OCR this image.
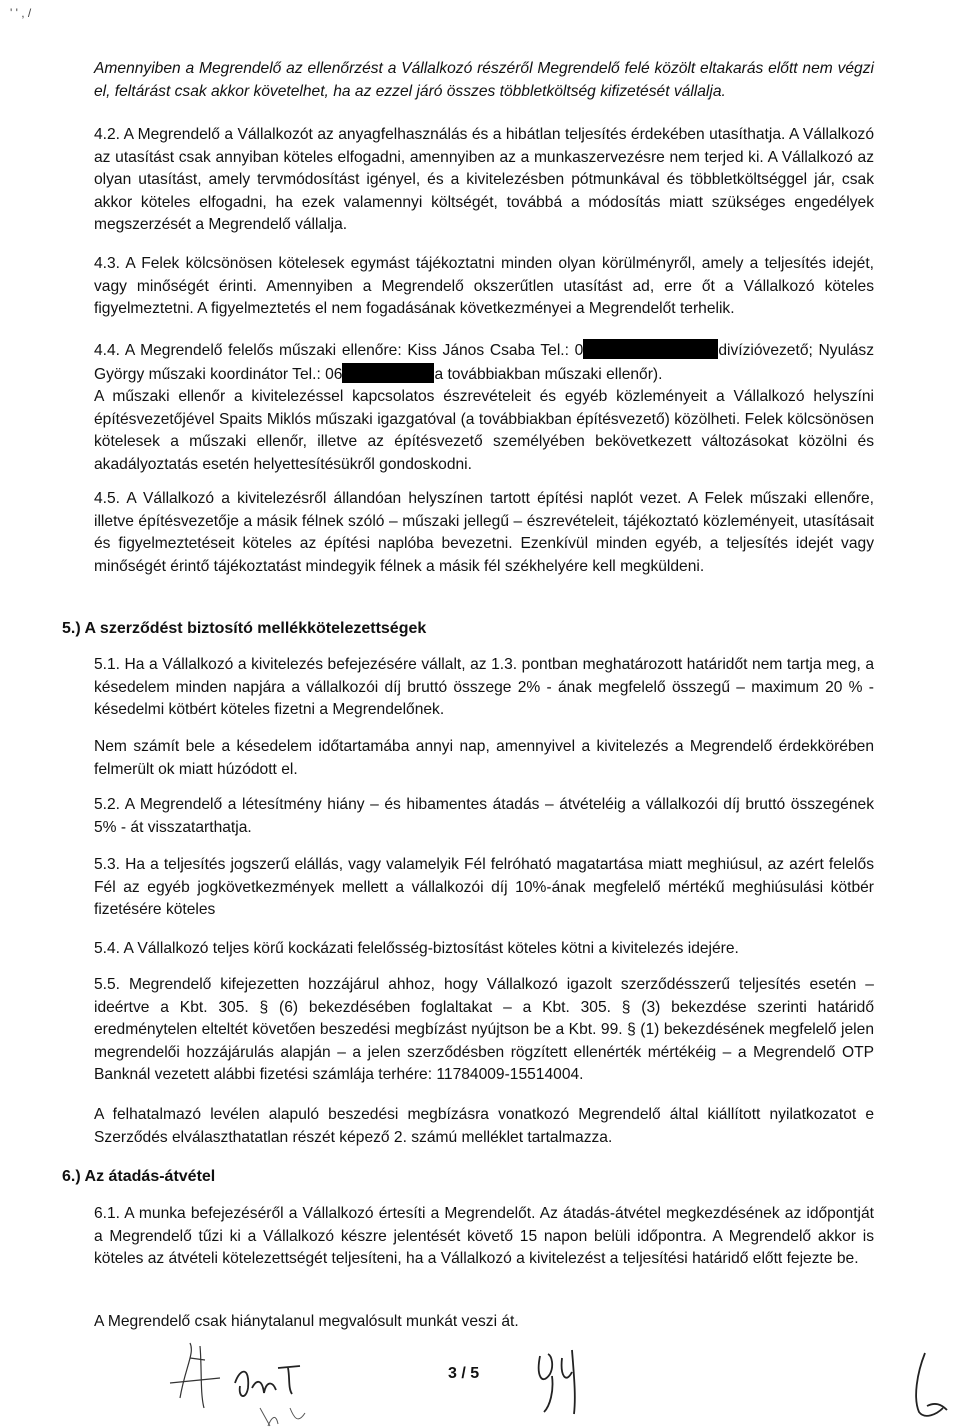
' ' , /

Amennyiben a Megrendelő az ellenőrzést a Vállalkozó részéről Megrendelő felé közölt eltakarás előtt nem végzi el, feltárást csak akkor követelhet, ha az ezzel járó összes többletköltség kifizetését vállalja.

4.2. A Megrendelő a Vállalkozót az anyagfelhasználás és a hibátlan teljesítés érdekében utasíthatja. A Vállalkozó az utasítást csak annyiban köteles elfogadni, amennyiben az a munkaszervezésre nem terjed ki. A Vállalkozó az olyan utasítást, amely tervmódosítást igényel, és a kivitelezésben pótmunkával és többletköltséggel jár, csak akkor köteles elfogadni, ha ezek valamennyi költségét, továbbá a módosítás miatt szükséges engedélyek megszerzését a Megrendelő vállalja.

4.3. A Felek kölcsönösen kötelesek egymást tájékoztatni minden olyan körülményről, amely a teljesítés idejét, vagy minőségét érinti. Amennyiben a Megrendelő okszerűtlen utasítást ad, erre őt a Vállalkozó köteles figyelmeztetni. A figyelmeztetés el nem fogadásának következményei a Megrendelőt terhelik.

4.4. A Megrendelő felelős műszaki ellenőre: Kiss János Csaba Tel.: 0	divízióvezető; Nyulász György műszaki koordinátor Tel.: 06	a továbbiakban műszaki ellenőr).

A műszaki ellenőr a kivitelezéssel kapcsolatos észrevételeit és egyéb közleményeit a Vállalkozó helyszíni építésvezetőjével Spaits Miklós műszaki igazgatóval (a továbbiakban építésvezető) közölheti. Felek kölcsönösen kötelesek a műszaki ellenőr, illetve az építésvezető személyében bekövetkezett változásokat közölni és akadályoztatás esetén helyettesítésükről gondoskodni.

4.5. A Vállalkozó a kivitelezésről állandóan helyszínen tartott építési naplót vezet. A Felek műszaki ellenőre, illetve építésvezetője a másik félnek szóló – műszaki jellegű – észrevételeit, tájékoztató közleményeit, utasításait és figyelmeztetéseit köteles az építési naplóba bevezetni. Ezenkívül minden egyéb, a teljesítés idejét vagy minőségét érintő tájékoztatást mindegyik félnek a másik fél székhelyére kell megküldeni.

5.) A szerződést biztosító mellékkötelezettségek

5.1. Ha a Vállalkozó a kivitelezés befejezésére vállalt, az 1.3. pontban meghatározott határidőt nem tartja meg, a késedelem minden napjára a vállalkozói díj bruttó összege 2% - ának megfelelő összegű – maximum 20 % - késedelmi kötbért köteles fizetni a Megrendelőnek.

Nem számít bele a késedelem időtartamába annyi nap, amennyivel a kivitelezés a Megrendelő érdekkörében felmerült ok miatt húzódott el.

5.2. A Megrendelő a létesítmény hiány – és hibamentes átadás – átvételéig a vállalkozói díj bruttó összegének 5% - át visszatarthatja.

5.3. Ha a teljesítés jogszerű elállás, vagy valamelyik Fél felróható magatartása miatt meghiúsul, az azért felelős Fél az egyéb jogkövetkezmények mellett a vállalkozói díj 10%-ának megfelelő mértékű meghiúsulási kötbér fizetésére köteles

5.4. A Vállalkozó teljes körű kockázati felelősség-biztosítást köteles kötni a kivitelezés idejére.

5.5. Megrendelő kifejezetten hozzájárul ahhoz, hogy Vállalkozó igazolt szerződésszerű teljesítés esetén – ideértve a Kbt. 305. § (6) bekezdésében foglaltakat – a Kbt. 305. § (3) bekezdése szerinti határidő eredménytelen elteltét követően beszedési megbízást nyújtson be a Kbt. 99. § (1) bekezdésének megfelelő jelen megrendelői hozzájárulás alapján – a jelen szerződésben rögzített ellenérték mértékéig – a Megrendelő OTP Banknál vezetett alábbi fizetési számlája terhére: 11784009-15514004.

A felhatalmazó levélen alapuló beszedési megbízásra vonatkozó Megrendelő által kiállított nyilatkozatot e Szerződés elválaszthatatlan részét képező 2. számú melléklet tartalmazza.

6.) Az átadás-átvétel

6.1. A munka befejezéséről a Vállalkozó értesíti a Megrendelőt. Az átadás-átvétel megkezdésének az időpontját a Megrendelő tűzi ki a Vállalkozó készre jelentését követő 15 napon belüli időpontra. A Megrendelő akkor is köteles az átvételi kötelezettségét teljesíteni, ha a Vállalkozó a kivitelezést a teljesítési határidő előtt fejezte be.

A Megrendelő csak hiánytalanul megvalósult munkát veszi át.

3 / 5
